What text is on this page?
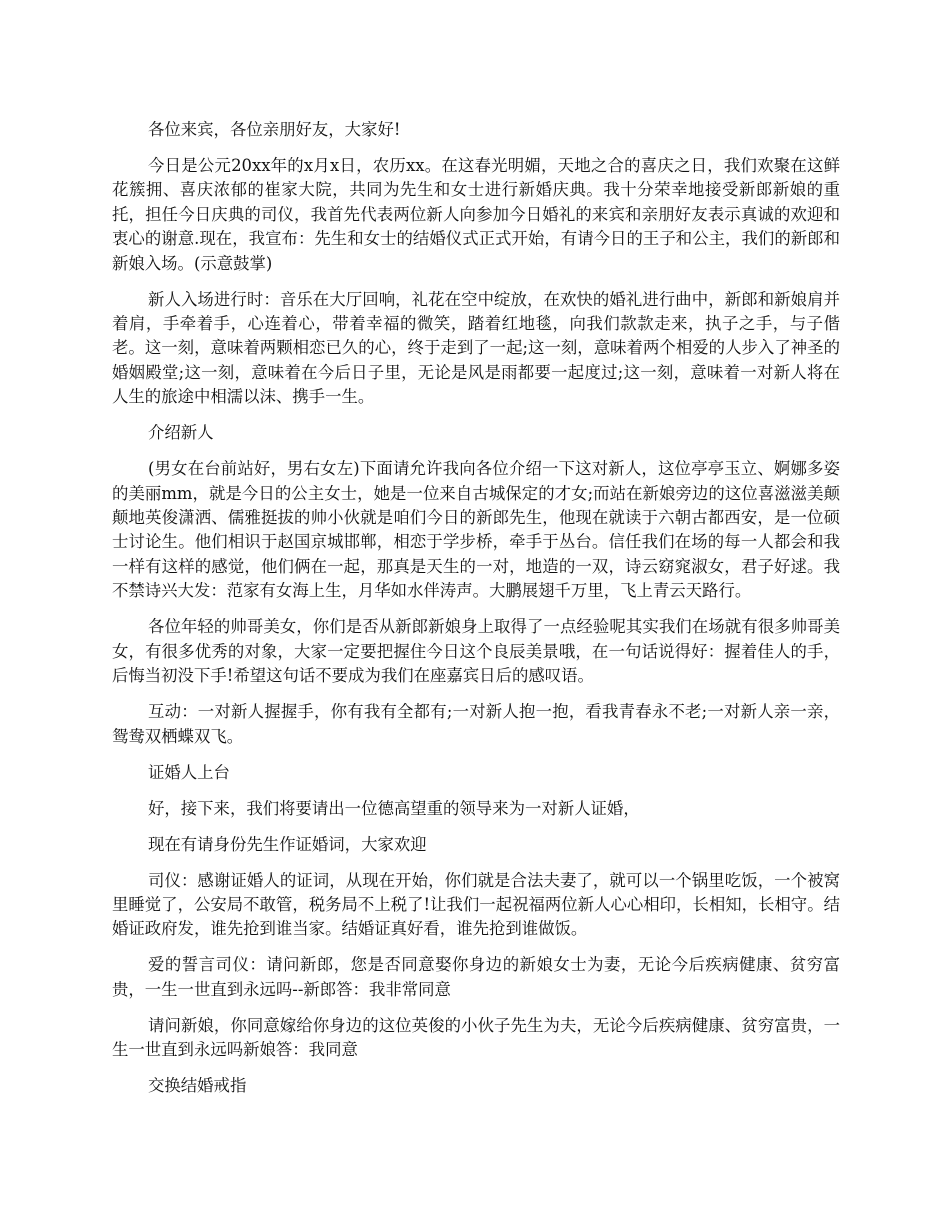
各位来宾，各位亲朋好友，大家好!

今日是公元20xx年的x月x日，农历xx。在这春光明媚，天地之合的喜庆之日，我们欢聚在这鲜花簇拥、喜庆浓郁的崔家大院，共同为先生和女士进行新婚庆典。我十分荣幸地接受新郎新娘的重托，担任今日庆典的司仪，我首先代表两位新人向参加今日婚礼的来宾和亲朋好友表示真诚的欢迎和衷心的谢意.现在，我宣布：先生和女士的结婚仪式正式开始，有请今日的王子和公主，我们的新郎和新娘入场。(示意鼓掌)

新人入场进行时：音乐在大厅回响，礼花在空中绽放，在欢快的婚礼进行曲中，新郎和新娘肩并着肩，手牵着手，心连着心，带着幸福的微笑，踏着红地毯，向我们款款走来，执子之手，与子偕老。这一刻，意味着两颗相恋已久的心，终于走到了一起;这一刻，意味着两个相爱的人步入了神圣的婚姻殿堂;这一刻，意味着在今后日子里，无论是风是雨都要一起度过;这一刻，意味着一对新人将在人生的旅途中相濡以沫、携手一生。

介绍新人

(男女在台前站好，男右女左)下面请允许我向各位介绍一下这对新人，这位亭亭玉立、婀娜多姿的美丽mm，就是今日的公主女士，她是一位来自古城保定的才女;而站在新娘旁边的这位喜滋滋美颠颠地英俊潇洒、儒雅挺拔的帅小伙就是咱们今日的新郎先生，他现在就读于六朝古都西安，是一位硕士讨论生。他们相识于赵国京城邯郸，相恋于学步桥，牵手于丛台。信任我们在场的每一人都会和我一样有这样的感觉，他们俩在一起，那真是天生的一对，地造的一双，诗云窈窕淑女，君子好逑。我不禁诗兴大发：范家有女海上生，月华如水伴涛声。大鹏展翅千万里，飞上青云天路行。

各位年轻的帅哥美女，你们是否从新郎新娘身上取得了一点经验呢其实我们在场就有很多帅哥美女，有很多优秀的对象，大家一定要把握住今日这个良辰美景哦，在一句话说得好：握着佳人的手，后悔当初没下手!希望这句话不要成为我们在座嘉宾日后的感叹语。

互动：一对新人握握手，你有我有全都有;一对新人抱一抱，看我青春永不老;一对新人亲一亲，鸳鸯双栖蝶双飞。

证婚人上台

好，接下来，我们将要请出一位德高望重的领导来为一对新人证婚，

现在有请身份先生作证婚词，大家欢迎

司仪：感谢证婚人的证词，从现在开始，你们就是合法夫妻了，就可以一个锅里吃饭，一个被窝里睡觉了，公安局不敢管，税务局不上税了!让我们一起祝福两位新人心心相印，长相知，长相守。结婚证政府发，谁先抢到谁当家。结婚证真好看，谁先抢到谁做饭。

爱的誓言司仪：请问新郎，您是否同意娶你身边的新娘女士为妻，无论今后疾病健康、贫穷富贵，一生一世直到永远吗--新郎答：我非常同意

请问新娘，你同意嫁给你身边的这位英俊的小伙子先生为夫，无论今后疾病健康、贫穷富贵，一生一世直到永远吗新娘答：我同意

交换结婚戒指
